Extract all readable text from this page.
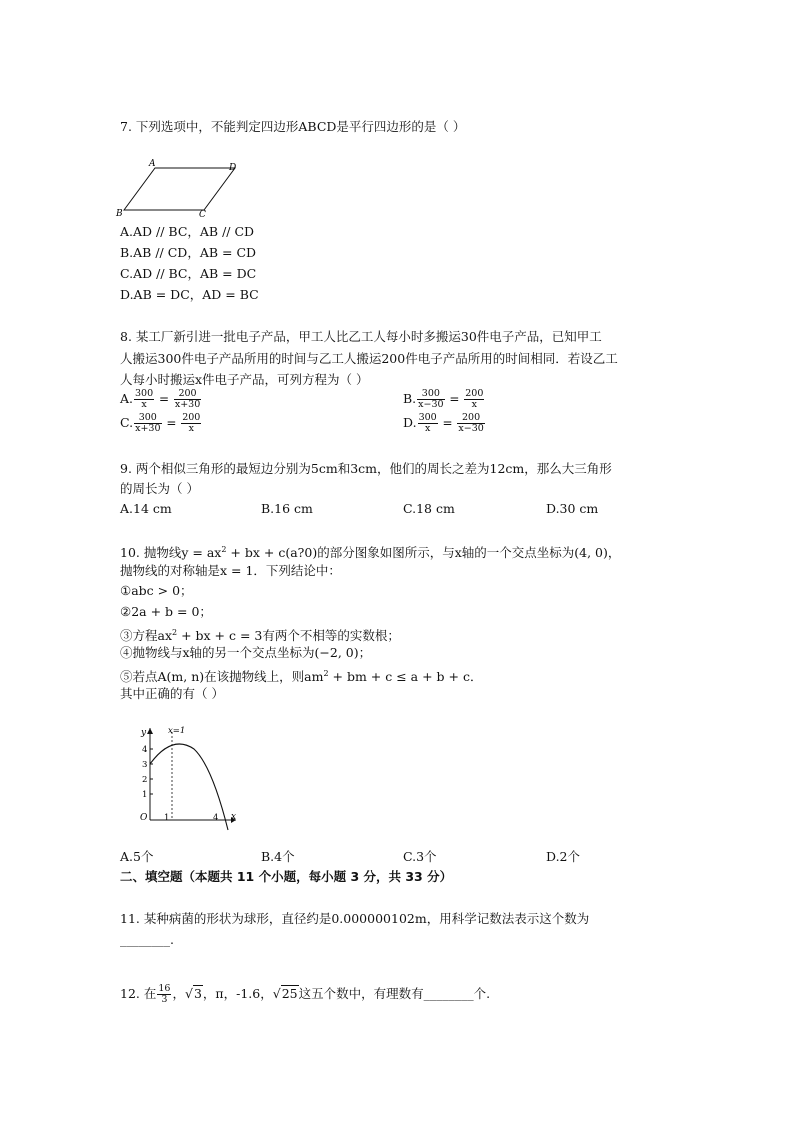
7. 下列选项中，不能判定四边形ABCD是平行四边形的是（ ）
A	D
B	C
A.AD // BC，AB // CD
B.AB // CD，AB = CD
C.AD // BC，AB = DC
D.AB = DC，AD = BC
8. 某工厂新引进一批电子产品，甲工人比乙工人每小时多搬运30件电子产品，已知甲工
人搬运300件电子产品所用的时间与乙工人搬运200件电子产品所用的时间相同．若设乙工
人每小时搬运x件电子产品，可列方程为（ ）
A. $\frac{300}{x} = \frac{200}{x+30}$	B. $\frac{300}{x-30} = \frac{200}{x}$
C. $\frac{300}{x+30} = \frac{200}{x}$	D. $\frac{300}{x} = \frac{200}{x-30}$
9. 两个相似三角形的最短边分别为5cm和3cm，他们的周长之差为12cm，那么大三角形
的周长为（ ）
A.14 cm	B.16 cm	C.18 cm	D.30 cm
10. 抛物线$y = ax^2$ + bx + c(a?0)的部分图象如图所示，与x轴的一个交点坐标为(4, 0)，
抛物线的对称轴是x = 1．下列结论中：
①abc > 0；
②2a + b = 0；
③方程$ax^2$ + bx + c = 3有两个不相等的实数根；
④抛物线与x轴的另一个交点坐标为(−2, 0)；
⑤若点A(m, n)在该抛物线上，则$am^2$ + bm + c ≤ a + b + c．
其中正确的有（ ）
y	x=1
4
3
2
1
O 1	4 x
A.5个	B.4个	C.3个	D.2个
二、填空题（本题共 11 个小题，每小题 3 分，共 33 分）
11. 某种病菌的形状为球形，直径约是0.000000102m，用科学记数法表示这个数为
________.
12. 在 $\frac{16}{3}$ ，√3，π，-1.6，√25这五个数中，有理数有________个.
